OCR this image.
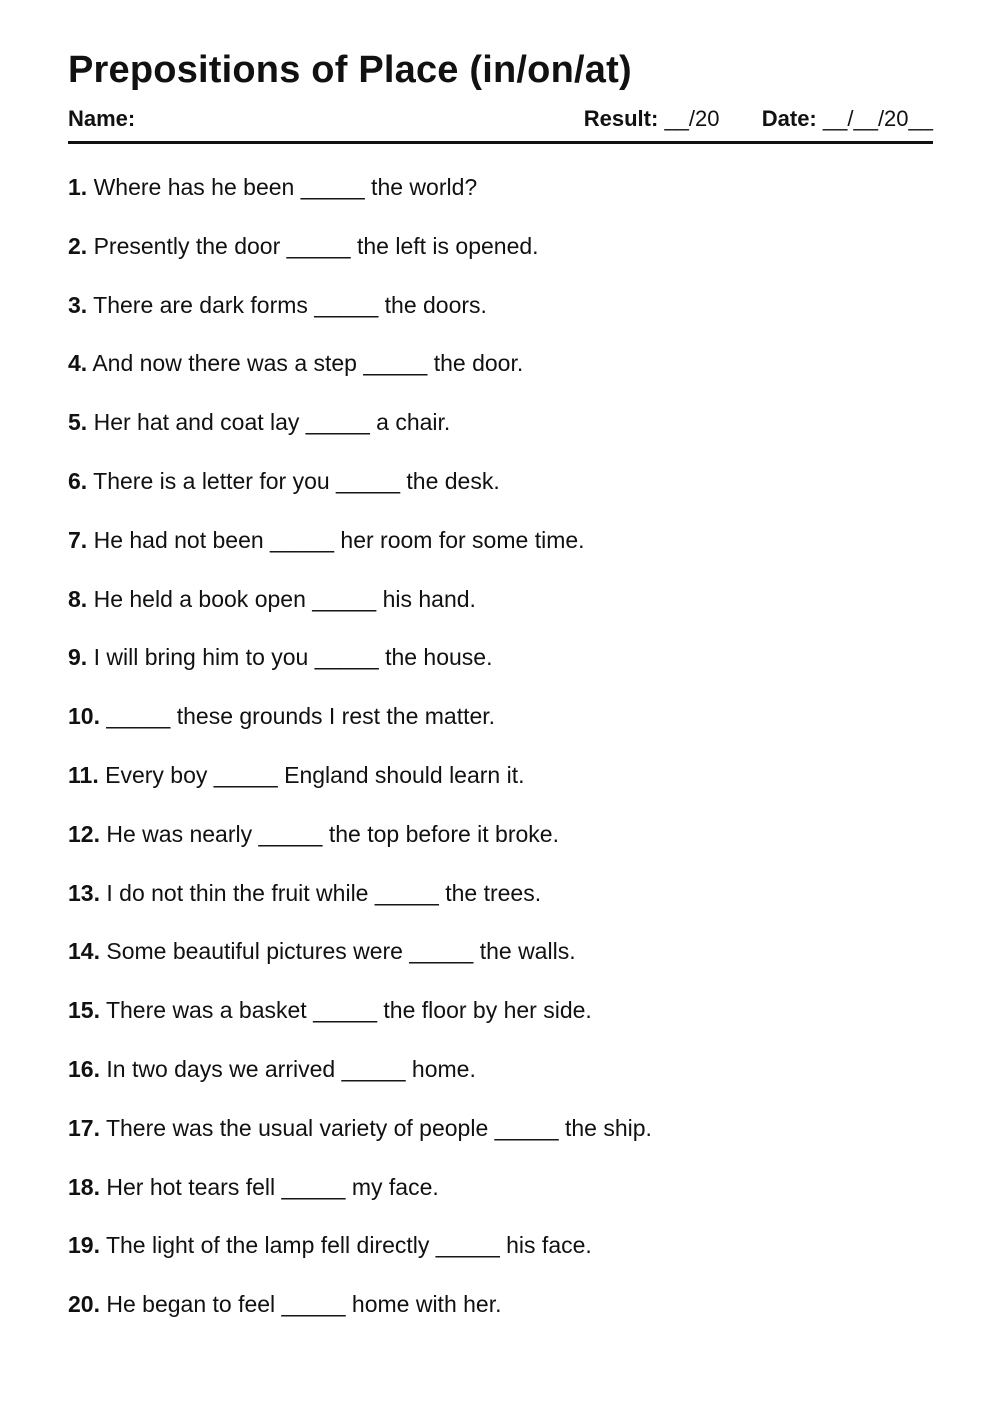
Prepositions of Place (in/on/at)
Name:	Result: __/20 Date: __/__/20__
1. Where has he been _____ the world?
2. Presently the door _____ the left is opened.
3. There are dark forms _____ the doors.
4. And now there was a step _____ the door.
5. Her hat and coat lay _____ a chair.
6. There is a letter for you _____ the desk.
7. He had not been _____ her room for some time.
8. He held a book open _____ his hand.
9. I will bring him to you _____ the house.
10. _____ these grounds I rest the matter.
11. Every boy _____ England should learn it.
12. He was nearly _____ the top before it broke.
13. I do not thin the fruit while _____ the trees.
14. Some beautiful pictures were _____ the walls.
15. There was a basket _____ the floor by her side.
16. In two days we arrived _____ home.
17. There was the usual variety of people _____ the ship.
18. Her hot tears fell _____ my face.
19. The light of the lamp fell directly _____ his face.
20. He began to feel _____ home with her.
